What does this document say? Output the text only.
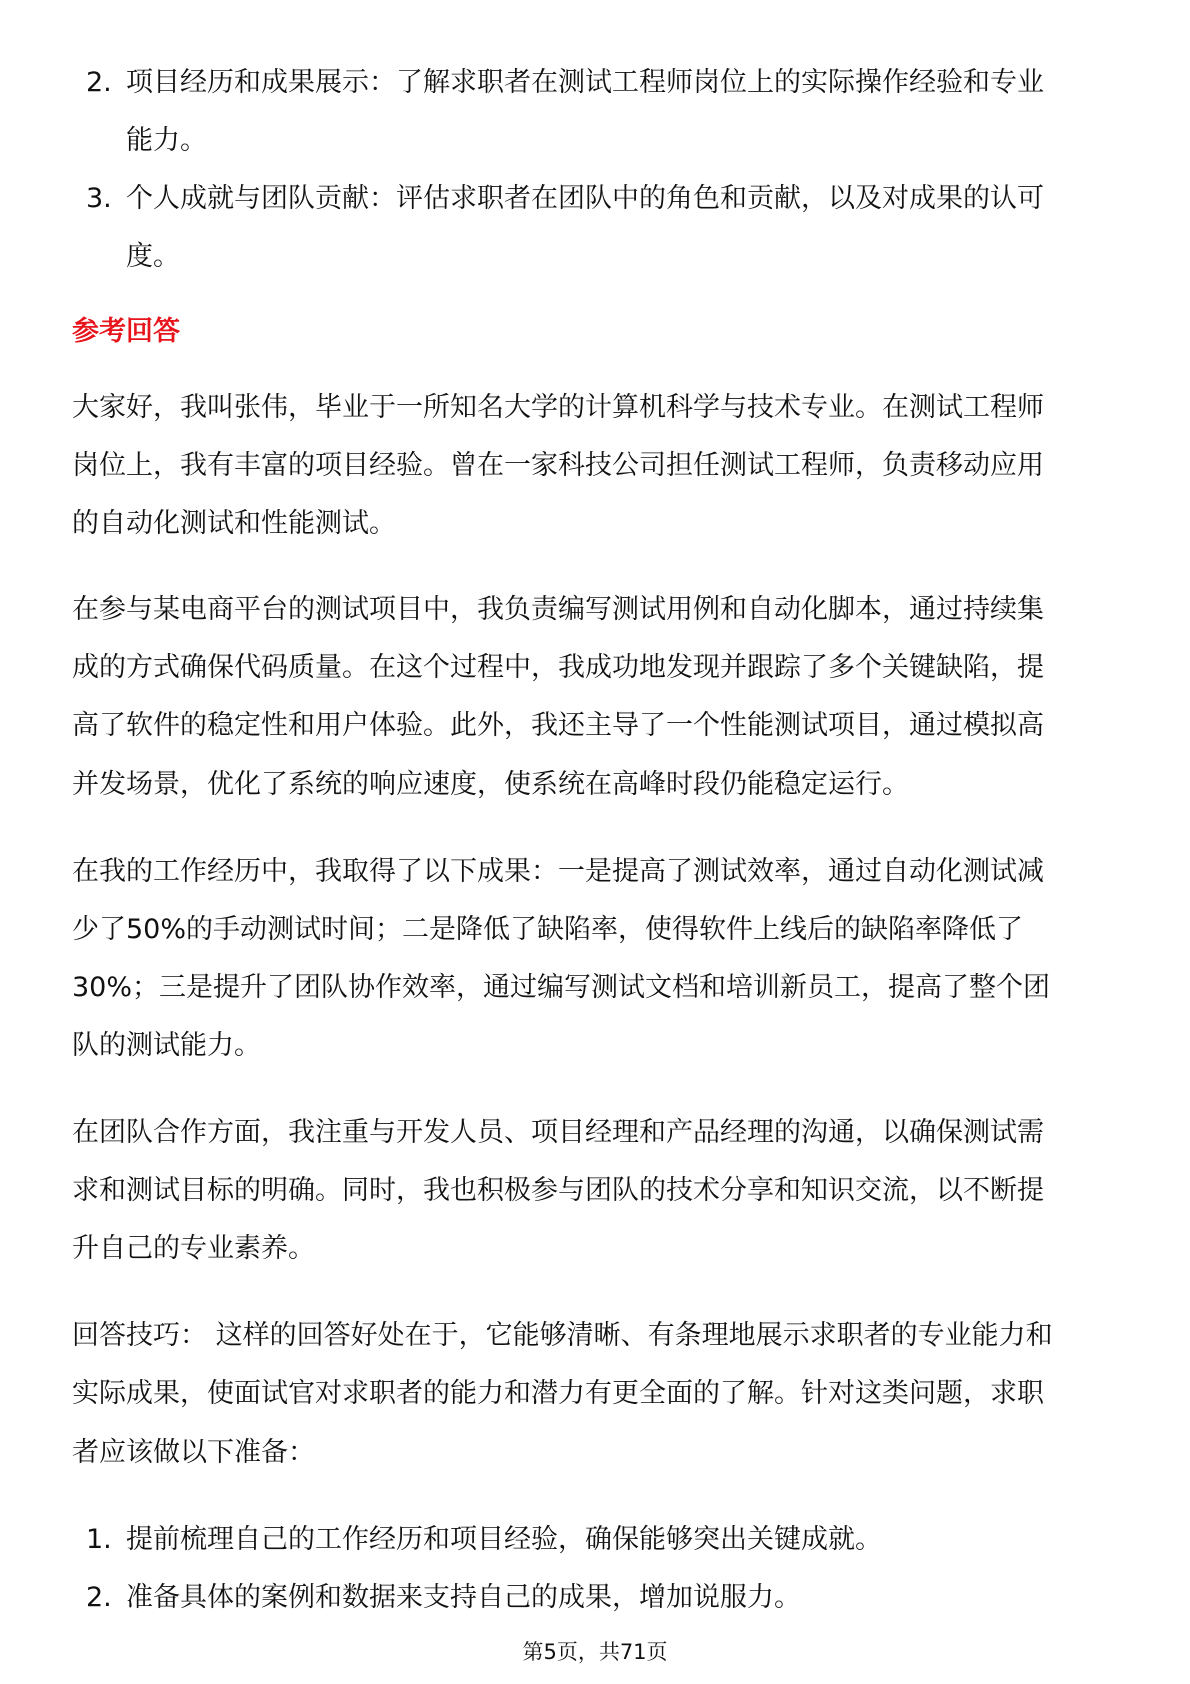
2. 项目经历和成果展示：了解求职者在测试工程师岗位上的实际操作经验和专业
能力。
3. 个人成就与团队贡献：评估求职者在团队中的角色和贡献，以及对成果的认可
度。
参考回答
大家好，我叫张伟，毕业于一所知名大学的计算机科学与技术专业。在测试工程师
岗位上，我有丰富的项目经验。曾在一家科技公司担任测试工程师，负责移动应用
的自动化测试和性能测试。
在参与某电商平台的测试项目中，我负责编写测试用例和自动化脚本，通过持续集
成的方式确保代码质量。在这个过程中，我成功地发现并跟踪了多个关键缺陷，提
高了软件的稳定性和用户体验。此外，我还主导了一个性能测试项目，通过模拟高
并发场景，优化了系统的响应速度，使系统在高峰时段仍能稳定运行。
在我的工作经历中，我取得了以下成果：一是提高了测试效率，通过自动化测试减
少了50%的手动测试时间；二是降低了缺陷率，使得软件上线后的缺陷率降低了
30%；三是提升了团队协作效率，通过编写测试文档和培训新员工，提高了整个团
队的测试能力。
在团队合作方面，我注重与开发人员、项目经理和产品经理的沟通，以确保测试需
求和测试目标的明确。同时，我也积极参与团队的技术分享和知识交流，以不断提
升自己的专业素养。
回答技巧： 这样的回答好处在于，它能够清晰、有条理地展示求职者的专业能力和
实际成果，使面试官对求职者的能力和潜力有更全面的了解。针对这类问题，求职
者应该做以下准备：
1. 提前梳理自己的工作经历和项目经验，确保能够突出关键成就。
2. 准备具体的案例和数据来支持自己的成果，增加说服力。
第5页，共71页
